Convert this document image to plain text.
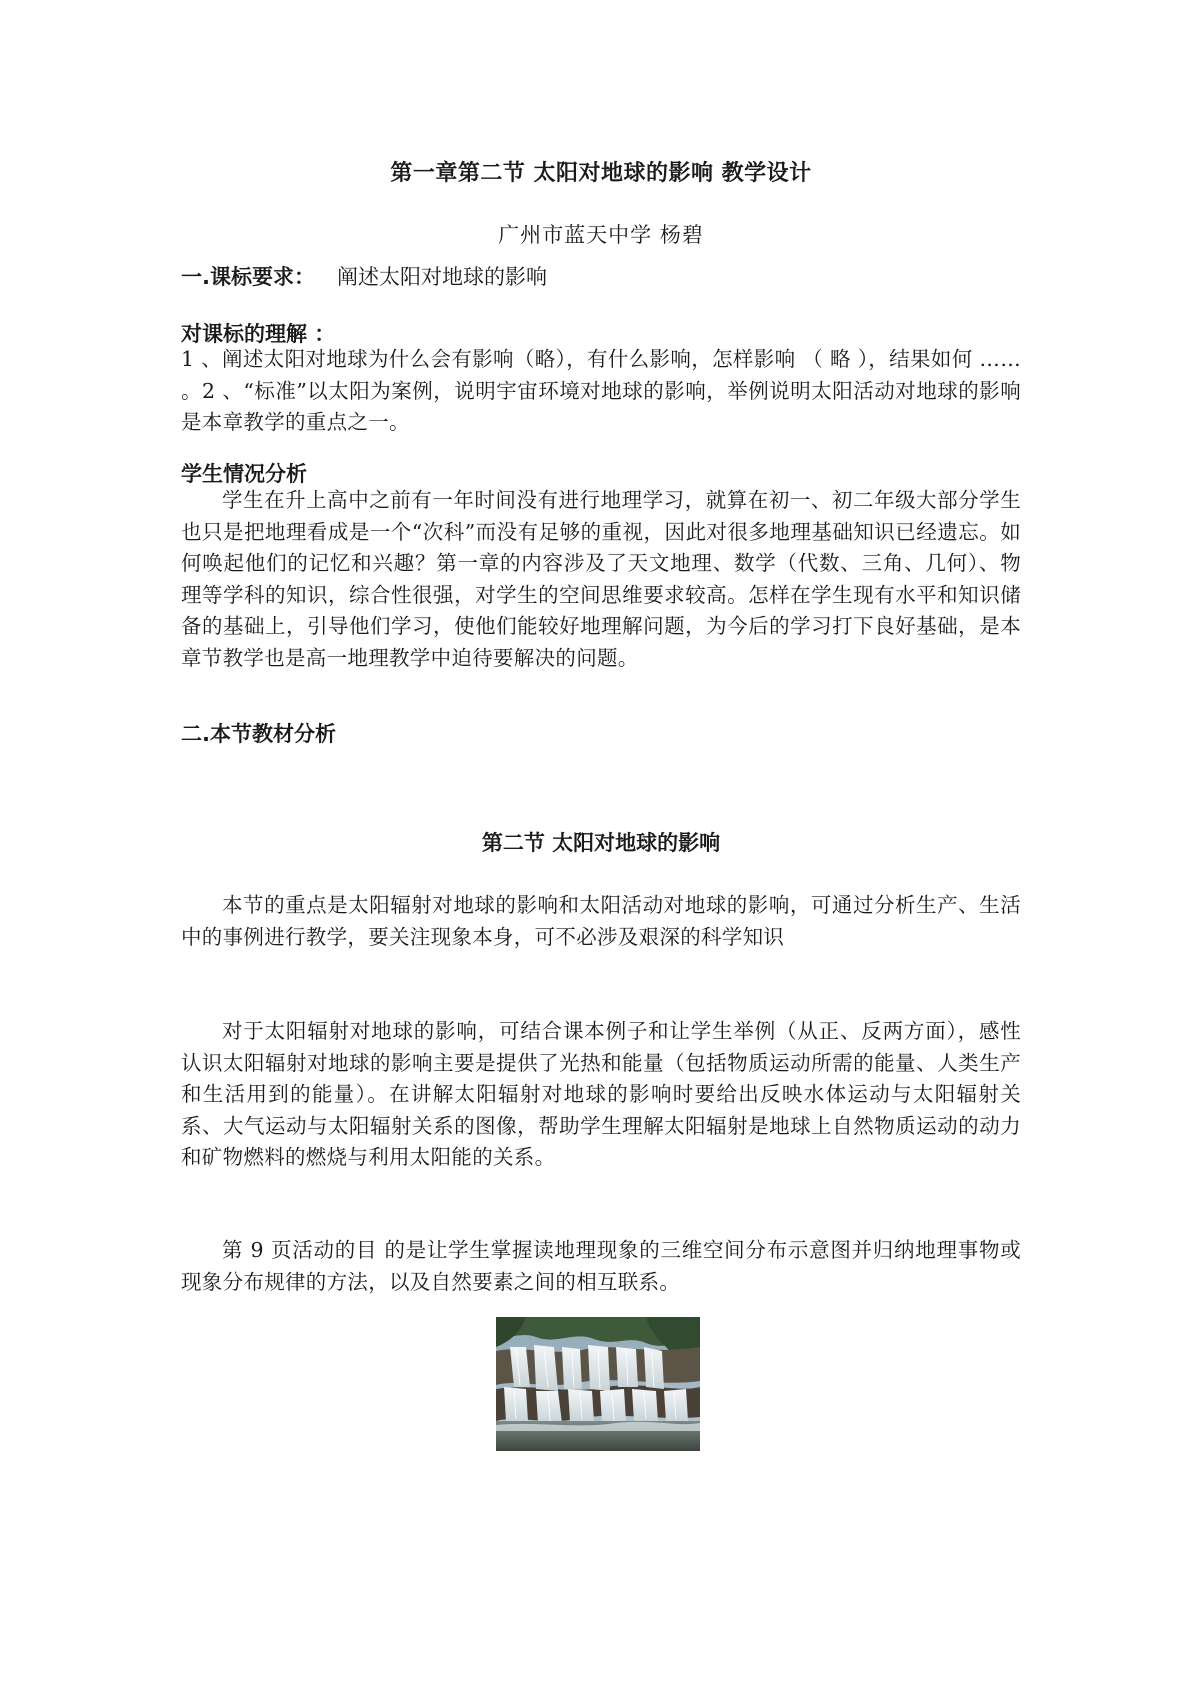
第一章第二节 太阳对地球的影响 教学设计
广州市蓝天中学 杨碧
一.课标要求： 阐述太阳对地球的影响
对课标的理解 ：
1 、阐述太阳对地球为什么会有影响（略），有什么影响，怎样影响 （ 略 ），结果如何 …… 。2 、“标准”以太阳为案例，说明宇宙环境对地球的影响，举例说明太阳活动对地球的影响是本章教学的重点之一。
学生情况分析
学生在升上高中之前有一年时间没有进行地理学习，就算在初一、初二年级大部分学生也只是把地理看成是一个“次科”而没有足够的重视，因此对很多地理基础知识已经遗忘。如何唤起他们的记忆和兴趣？第一章的内容涉及了天文地理、数学（代数、三角、几何）、物理等学科的知识，综合性很强，对学生的空间思维要求较高。怎样在学生现有水平和知识储备的基础上，引导他们学习，使他们能较好地理解问题，为今后的学习打下良好基础，是本章节教学也是高一地理教学中迫待要解决的问题。
二.本节教材分析
第二节 太阳对地球的影响
本节的重点是太阳辐射对地球的影响和太阳活动对地球的影响，可通过分析生产、生活中的事例进行教学，要关注现象本身，可不必涉及艰深的科学知识
对于太阳辐射对地球的影响，可结合课本例子和让学生举例（从正、反两方面），感性认识太阳辐射对地球的影响主要是提供了光热和能量（包括物质运动所需的能量、人类生产和生活用到的能量）。在讲解太阳辐射对地球的影响时要给出反映水体运动与太阳辐射关系、大气运动与太阳辐射关系的图像，帮助学生理解太阳辐射是地球上自然物质运动的动力和矿物燃料的燃烧与利用太阳能的关系。
第 9 页活动的目 的是让学生掌握读地理现象的三维空间分布示意图并归纳地理事物或现象分布规律的方法，以及自然要素之间的相互联系。
